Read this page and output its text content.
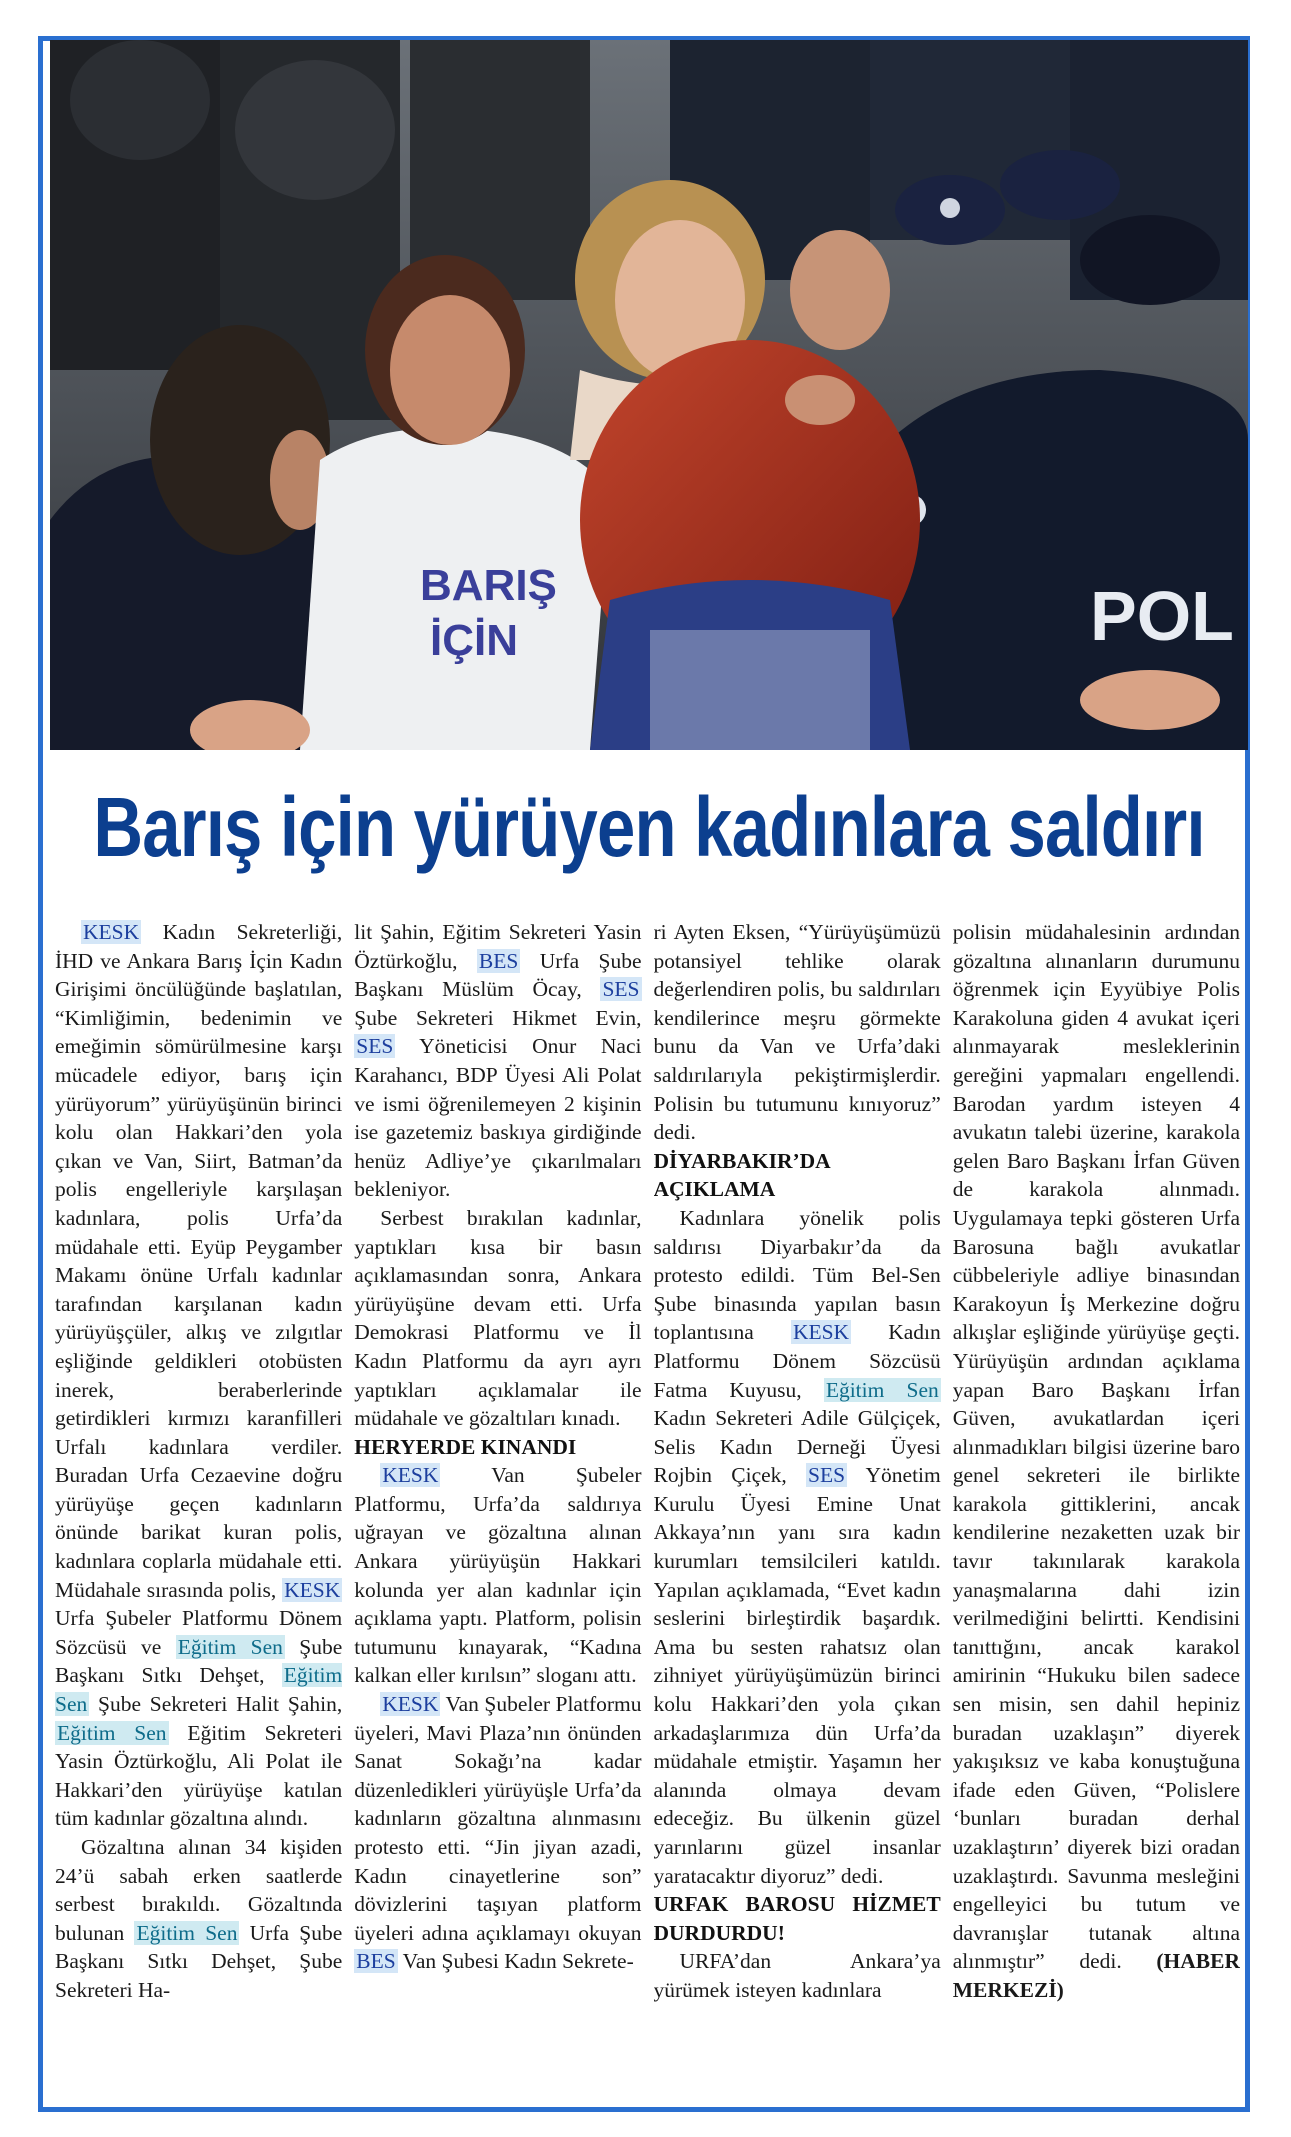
POL
BARIŞ
İÇİN
Barış için yürüyen kadınlara saldırı

KESK Kadın Sekreterliği, İHD ve Ankara Barış İçin Kadın Girişimi öncülüğünde başlatılan, “Kimliğimin, bedenimin ve emeğimin sömürülmesine karşı mücadele ediyor, barış için yürüyorum” yürüyüşünün birinci kolu olan Hakkari’den yola çıkan ve Van, Siirt, Batman’da polis engelleriyle karşılaşan kadınlara, polis Urfa’da müdahale etti. Eyüp Peygamber Makamı önüne Urfalı kadınlar tarafından karşılanan kadın yürüyüşçüler, alkış ve zılgıtlar eşliğinde geldikleri otobüsten inerek, beraberlerinde getirdikleri kırmızı karanfilleri Urfalı kadınlara verdiler. Buradan Urfa Cezaevine doğru yürüyüşe geçen kadınların önünde barikat kuran polis, kadınlara coplarla müdahale etti. Müdahale sırasında polis, KESK Urfa Şubeler Platformu Dönem Sözcüsü ve Eğitim Sen Şube Başkanı Sıtkı Dehşet, Eğitim Sen Şube Sekreteri Halit Şahin, Eğitim Sen Eğitim Sekreteri Yasin Öztürkoğlu, Ali Polat ile Hakkari’den yürüyüşe katılan tüm kadınlar gözaltına alındı.

Gözaltına alınan 34 kişiden 24’ü sabah erken saatlerde serbest bırakıldı. Gözaltında bulunan Eğitim Sen Urfa Şube Başkanı Sıtkı Dehşet, Şube Sekreteri Ha-

lit Şahin, Eğitim Sekreteri Yasin Öztürkoğlu, BES Urfa Şube Başkanı Müslüm Öcay, SES Şube Sekreteri Hikmet Evin, SES Yöneticisi Onur Naci Karahancı, BDP Üyesi Ali Polat ve ismi öğrenilemeyen 2 kişinin ise gazetemiz baskıya girdiğinde henüz Adliye’ye çıkarılmaları bekleniyor.

Serbest bırakılan kadınlar, yaptıkları kısa bir basın açıklamasından sonra, Ankara yürüyüşüne devam etti. Urfa Demokrasi Platformu ve İl Kadın Platformu da ayrı ayrı yaptıkları açıklamalar ile müdahale ve gözaltıları kınadı.

HERYERDE KINANDI

KESK Van Şubeler Platformu, Urfa’da saldırıya uğrayan ve gözaltına alınan Ankara yürüyüşün Hakkari kolunda yer alan kadınlar için açıklama yaptı. Platform, polisin tutumunu kınayarak, “Kadına kalkan eller kırılsın” sloganı attı.

KESK Van Şubeler Platformu üyeleri, Mavi Plaza’nın önünden Sanat Sokağı’na kadar düzenledikleri yürüyüşle Urfa’da kadınların gözaltına alınmasını protesto etti. “Jin jiyan azadi, Kadın cinayetlerine son” dövizlerini taşıyan platform üyeleri adına açıklamayı okuyan BES Van Şubesi Kadın Sekrete-

ri Ayten Eksen, “Yürüyüşümüzü potansiyel tehlike olarak değerlendiren polis, bu saldırıları kendilerince meşru görmekte bunu da Van ve Urfa’daki saldırılarıyla pekiştirmişlerdir. Polisin bu tutumunu kınıyoruz” dedi.

DİYARBAKIR’DA AÇIKLAMA

Kadınlara yönelik polis saldırısı Diyarbakır’da da protesto edildi. Tüm Bel-Sen Şube binasında yapılan basın toplantısına KESK Kadın Platformu Dönem Sözcüsü Fatma Kuyusu, Eğitim Sen Kadın Sekreteri Adile Gülçiçek, Selis Kadın Derneği Üyesi Rojbin Çiçek, SES Yönetim Kurulu Üyesi Emine Unat Akkaya’nın yanı sıra kadın kurumları temsilcileri katıldı. Yapılan açıklamada, “Evet kadın seslerini birleştirdik başardık. Ama bu sesten rahatsız olan zihniyet yürüyüşümüzün birinci kolu Hakkari’den yola çıkan arkadaşlarımıza dün Urfa’da müdahale etmiştir. Yaşamın her alanında olmaya devam edeceğiz. Bu ülkenin güzel yarınlarını güzel insanlar yaratacaktır diyoruz” dedi.

URFAK BAROSU HİZMET DURDURDU!

URFA’dan Ankara’ya yürümek isteyen kadınlara

polisin müdahalesinin ardından gözaltına alınanların durumunu öğrenmek için Eyyübiye Polis Karakoluna giden 4 avukat içeri alınmayarak mesleklerinin gereğini yapmaları engellendi. Barodan yardım isteyen 4 avukatın talebi üzerine, karakola gelen Baro Başkanı İrfan Güven de karakola alınmadı. Uygulamaya tepki gösteren Urfa Barosuna bağlı avukatlar cübbeleriyle adliye binasından Karakoyun İş Merkezine doğru alkışlar eşliğinde yürüyüşe geçti. Yürüyüşün ardından açıklama yapan Baro Başkanı İrfan Güven, avukatlardan içeri alınmadıkları bilgisi üzerine baro genel sekreteri ile birlikte karakola gittiklerini, ancak kendilerine nezaketten uzak bir tavır takınılarak karakola yanaşmalarına dahi izin verilmediğini belirtti. Kendisini tanıttığını, ancak karakol amirinin “Hukuku bilen sadece sen misin, sen dahil hepiniz buradan uzaklaşın” diyerek yakışıksız ve kaba konuştuğuna ifade eden Güven, “Polislere ‘bunları buradan derhal uzaklaştırın’ diyerek bizi oradan uzaklaştırdı. Savunma mesleğini engelleyici bu tutum ve davranışlar tutanak altına alınmıştır” dedi. (HABER MERKEZİ)
